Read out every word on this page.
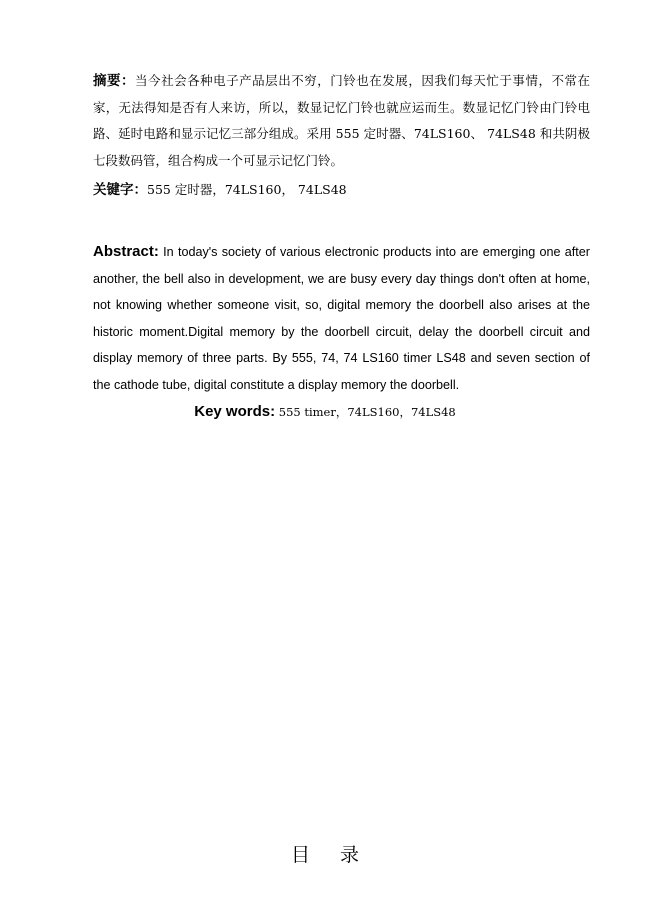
摘要：当今社会各种电子产品层出不穷，门铃也在发展，因我们每天忙于事情，不常在家，无法得知是否有人来访，所以，数显记忆门铃也就应运而生。数显记忆门铃由门铃电路、延时电路和显示记忆三部分组成。采用 555 定时器、74LS160、 74LS48 和共阴极七段数码管，组合构成一个可显示记忆门铃。
关键字：555 定时器，74LS160， 74LS48
Abstract: In today's society of various electronic products into are emerging one after another, the bell also in development, we are busy every day things don't often at home, not knowing whether someone visit, so, digital memory the doorbell also arises at the historic moment.Digital memory by the doorbell circuit, delay the doorbell circuit and display memory of three parts. By 555, 74, 74 LS160 timer LS48 and seven section of the cathode tube, digital constitute a display memory the doorbell.
Key words: 555 timer，74LS160，74LS48
目录
